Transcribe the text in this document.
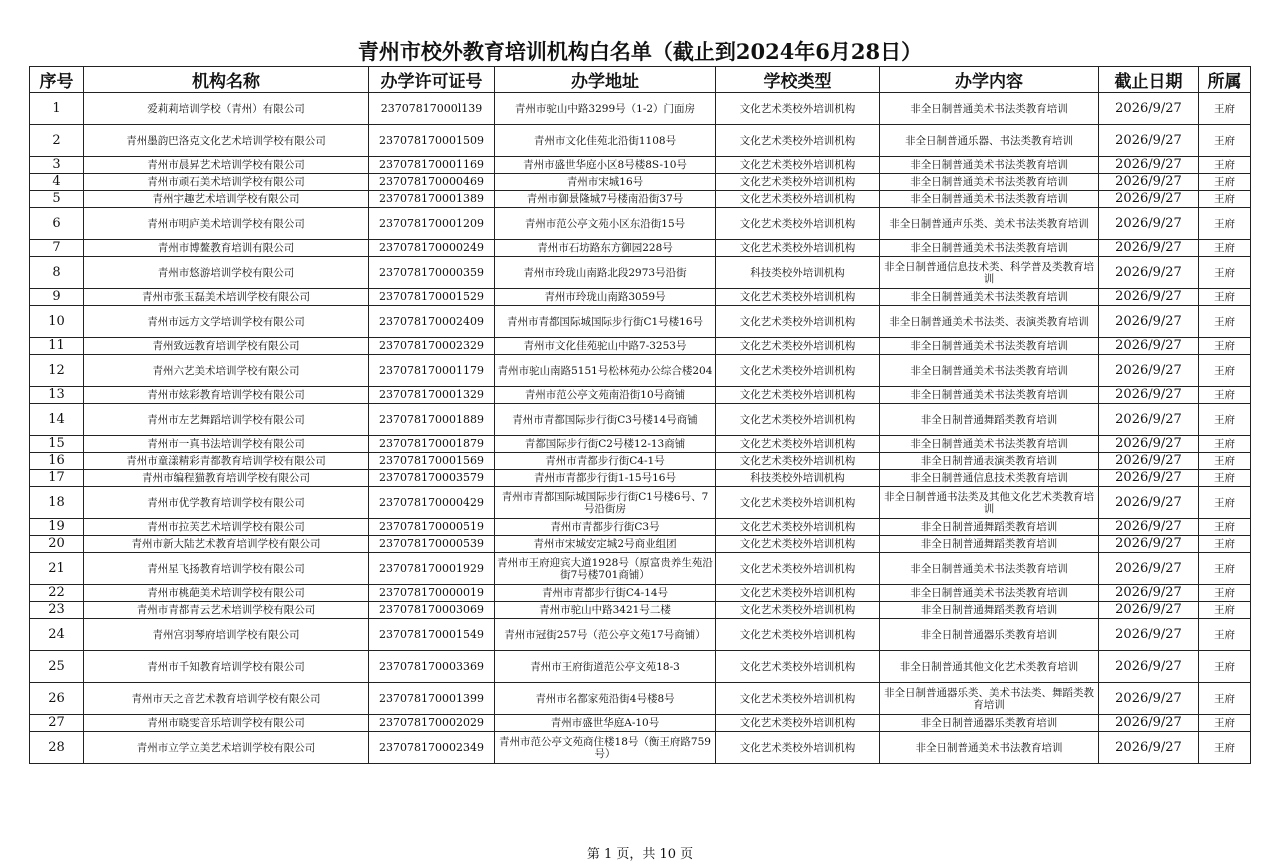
青州市校外教育培训机构白名单（截止到2024年6月28日）
序号	机构名称	办学许可证号	办学地址	学校类型	办学内容	截止日期	所属
1	爱莉莉培训学校（青州）有限公司	23707817000l139	青州市驼山中路3299号（1-2）门面房	文化艺术类校外培训机构	非全日制普通美术书法类教育培训	2026/9/27	王府
2	青州墨韵巴洛克文化艺术培训学校有限公司	237078170001509	青州市文化佳苑北沿街1108号	文化艺术类校外培训机构	非全日制普通乐器、书法类教育培训	2026/9/27	王府
3	青州市晨昇艺术培训学校有限公司	237078170001169	青州市盛世华庭小区8号楼8S-10号	文化艺术类校外培训机构	非全日制普通美术书法类教育培训	2026/9/27	王府
4	青州市顽石美术培训学校有限公司	237078170000469	青州市宋城16号	文化艺术类校外培训机构	非全日制普通美术书法类教育培训	2026/9/27	王府
5	青州宇趣艺术培训学校有限公司	237078170001389	青州市御景隆城7号楼南沿街37号	文化艺术类校外培训机构	非全日制普通美术书法类教育培训	2026/9/27	王府
6	青州市明庐美术培训学校有限公司	237078170001209	青州市范公亭文苑小区东沿街15号	文化艺术类校外培训机构	非全日制普通声乐类、美术书法类教育培训	2026/9/27	王府
7	青州市博鳌教育培训有限公司	237078170000249	青州市石坊路东方御园228号	文化艺术类校外培训机构	非全日制普通美术书法类教育培训	2026/9/27	王府
8	青州市悠游培训学校有限公司	237078170000359	青州市玲珑山南路北段2973号沿街	科技类校外培训机构	非全日制普通信息技术类、科学普及类教育培训	2026/9/27	王府
9	青州市张玉磊美术培训学校有限公司	237078170001529	青州市玲珑山南路3059号	文化艺术类校外培训机构	非全日制普通美术书法类教育培训	2026/9/27	王府
10	青州市远方文学培训学校有限公司	237078170002409	青州市青都国际城国际步行街C1号楼16号	文化艺术类校外培训机构	非全日制普通美术书法类、表演类教育培训	2026/9/27	王府
11	青州致远教育培训学校有限公司	237078170002329	青州市文化佳苑驼山中路7-3253号	文化艺术类校外培训机构	非全日制普通美术书法类教育培训	2026/9/27	王府
12	青州六艺美术培训学校有限公司	237078170001179	青州市驼山南路5151号松林苑办公综合楼204	文化艺术类校外培训机构	非全日制普通美术书法类教育培训	2026/9/27	王府
13	青州市炫彩教育培训学校有限公司	237078170001329	青州市范公亭文苑南沿街10号商铺	文化艺术类校外培训机构	非全日制普通美术书法类教育培训	2026/9/27	王府
14	青州市左艺舞蹈培训学校有限公司	237078170001889	青州市青都国际步行街C3号楼14号商铺	文化艺术类校外培训机构	非全日制普通舞蹈类教育培训	2026/9/27	王府
15	青州市一真书法培训学校有限公司	237078170001879	青都国际步行街C2号楼12-13商铺	文化艺术类校外培训机构	非全日制普通美术书法类教育培训	2026/9/27	王府
16	青州市童漾精彩青都教育培训学校有限公司	237078170001569	青州市青都步行街C4-1号	文化艺术类校外培训机构	非全日制普通表演类教育培训	2026/9/27	王府
17	青州市编程猫教育培训学校有限公司	237078170003579	青州市青都步行街1-15号16号	科技类校外培训机构	非全日制普通信息技术类教育培训	2026/9/27	王府
18	青州市优学教育培训学校有限公司	237078170000429	青州市青都国际城国际步行街C1号楼6号、7号沿街房	文化艺术类校外培训机构	非全日制普通书法类及其他文化艺术类教育培训	2026/9/27	王府
19	青州市拉芙艺术培训学校有限公司	237078170000519	青州市青都步行街C3号	文化艺术类校外培训机构	非全日制普通舞蹈类教育培训	2026/9/27	王府
20	青州市新大陆艺术教育培训学校有限公司	237078170000539	青州市宋城安定城2号商业组团	文化艺术类校外培训机构	非全日制普通舞蹈类教育培训	2026/9/27	王府
21	青州星飞扬教育培训学校有限公司	237078170001929	青州市王府迎宾大道1928号（原富贵养生苑沿街7号楼701商铺）	文化艺术类校外培训机构	非全日制普通美术书法类教育培训	2026/9/27	王府
22	青州市桃葩美术培训学校有限公司	237078170000019	青州市青都步行街C4-14号	文化艺术类校外培训机构	非全日制普通美术书法类教育培训	2026/9/27	王府
23	青州市青都青云艺术培训学校有限公司	237078170003069	青州市驼山中路3421号二楼	文化艺术类校外培训机构	非全日制普通舞蹈类教育培训	2026/9/27	王府
24	青州宫羽琴府培训学校有限公司	237078170001549	青州市冠街257号（范公亭文苑17号商铺）	文化艺术类校外培训机构	非全日制普通器乐类教育培训	2026/9/27	王府
25	青州市千知教育培训学校有限公司	237078170003369	青州市王府街道范公亭文苑18-3	文化艺术类校外培训机构	非全日制普通其他文化艺术类教育培训	2026/9/27	王府
26	青州市天之音艺术教育培训学校有限公司	237078170001399	青州市名都家苑沿街4号楼8号	文化艺术类校外培训机构	非全日制普通器乐类、美术书法类、舞蹈类教育培训	2026/9/27	王府
27	青州市晓雯音乐培训学校有限公司	237078170002029	青州市盛世华庭A-10号	文化艺术类校外培训机构	非全日制普通器乐类教育培训	2026/9/27	王府
28	青州市立学立美艺术培训学校有限公司	237078170002349	青州市范公亭文苑商住楼18号（衡王府路759号）	文化艺术类校外培训机构	非全日制普通美术书法教育培训	2026/9/27	王府
第 1 页，共 10 页
